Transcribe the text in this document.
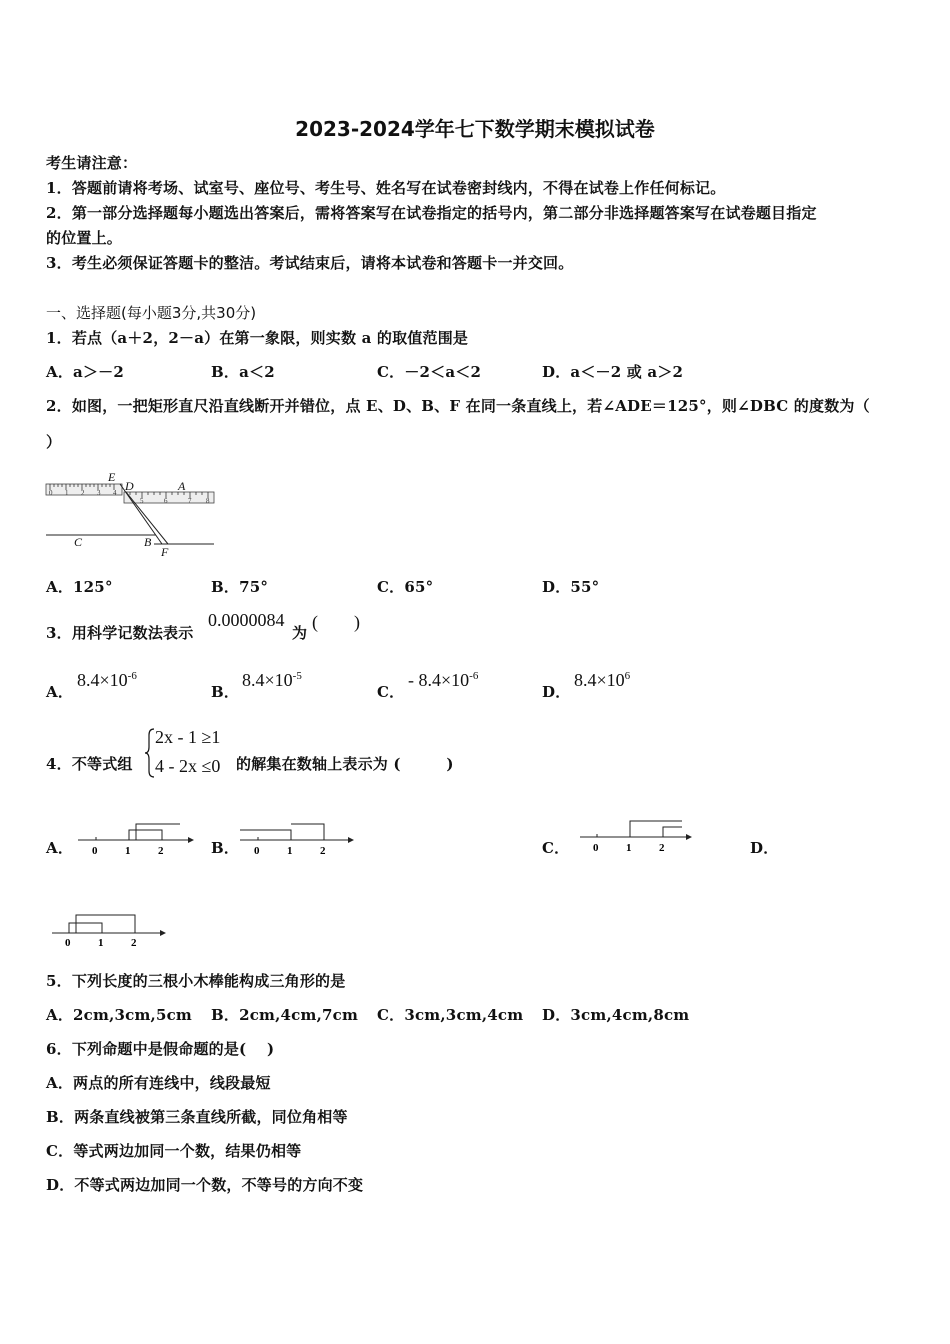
2023-2024学年七下数学期末模拟试卷
考生请注意：
1．答题前请将考场、试室号、座位号、考生号、姓名写在试卷密封线内，不得在试卷上作任何标记。
2．第一部分选择题每小题选出答案后，需将答案写在试卷指定的括号内，第二部分非选择题答案写在试卷题目指定
的位置上。
3．考生必须保证答题卡的整洁。考试结束后，请将本试卷和答题卡一并交回。
一、选择题(每小题3分,共30分)
1．若点（a＋2，2－a）在第一象限，则实数 a 的取值范围是
A．a＞－2	B．a＜2	C．－2＜a＜2	D．a＜－2 或 a＞2
2．如图，一把矩形直尺沿直线断开并错位，点 E、D、B、F 在同一条直线上，若∠ADE＝125°，则∠DBC 的度数为（
）
0 1 2 3 4
5	6	7 8
E
D	A
C	B
F
A．125°	B．75°	C．65°	D．55°
3．用科学记数法表示
0.0000084
为
(　　)
A．
$8.4\times 10^{-6}$
B．
$8.4\times 10^{-5}$
C．
- $8.4\times 10^{-6}$
D．
$8.4\times 10^6$
4．不等式组
2x - 1 ≥1
4 - 2x ≤0 的解集在数轴上表示为 (　　　)
A． 0	1	2	B． 0	1	2	C． 0	1	2	D．
0	1	2
5．下列长度的三根小木棒能构成三角形的是
A．2cm,3cm,5cm B．2cm,4cm,7cm C．3cm,3cm,4cm D．3cm,4cm,8cm
6．下列命题中是假命题的是(　 )
A．两点的所有连线中，线段最短
B．两条直线被第三条直线所截，同位角相等
C．等式两边加同一个数，结果仍相等
D．不等式两边加同一个数，不等号的方向不变
